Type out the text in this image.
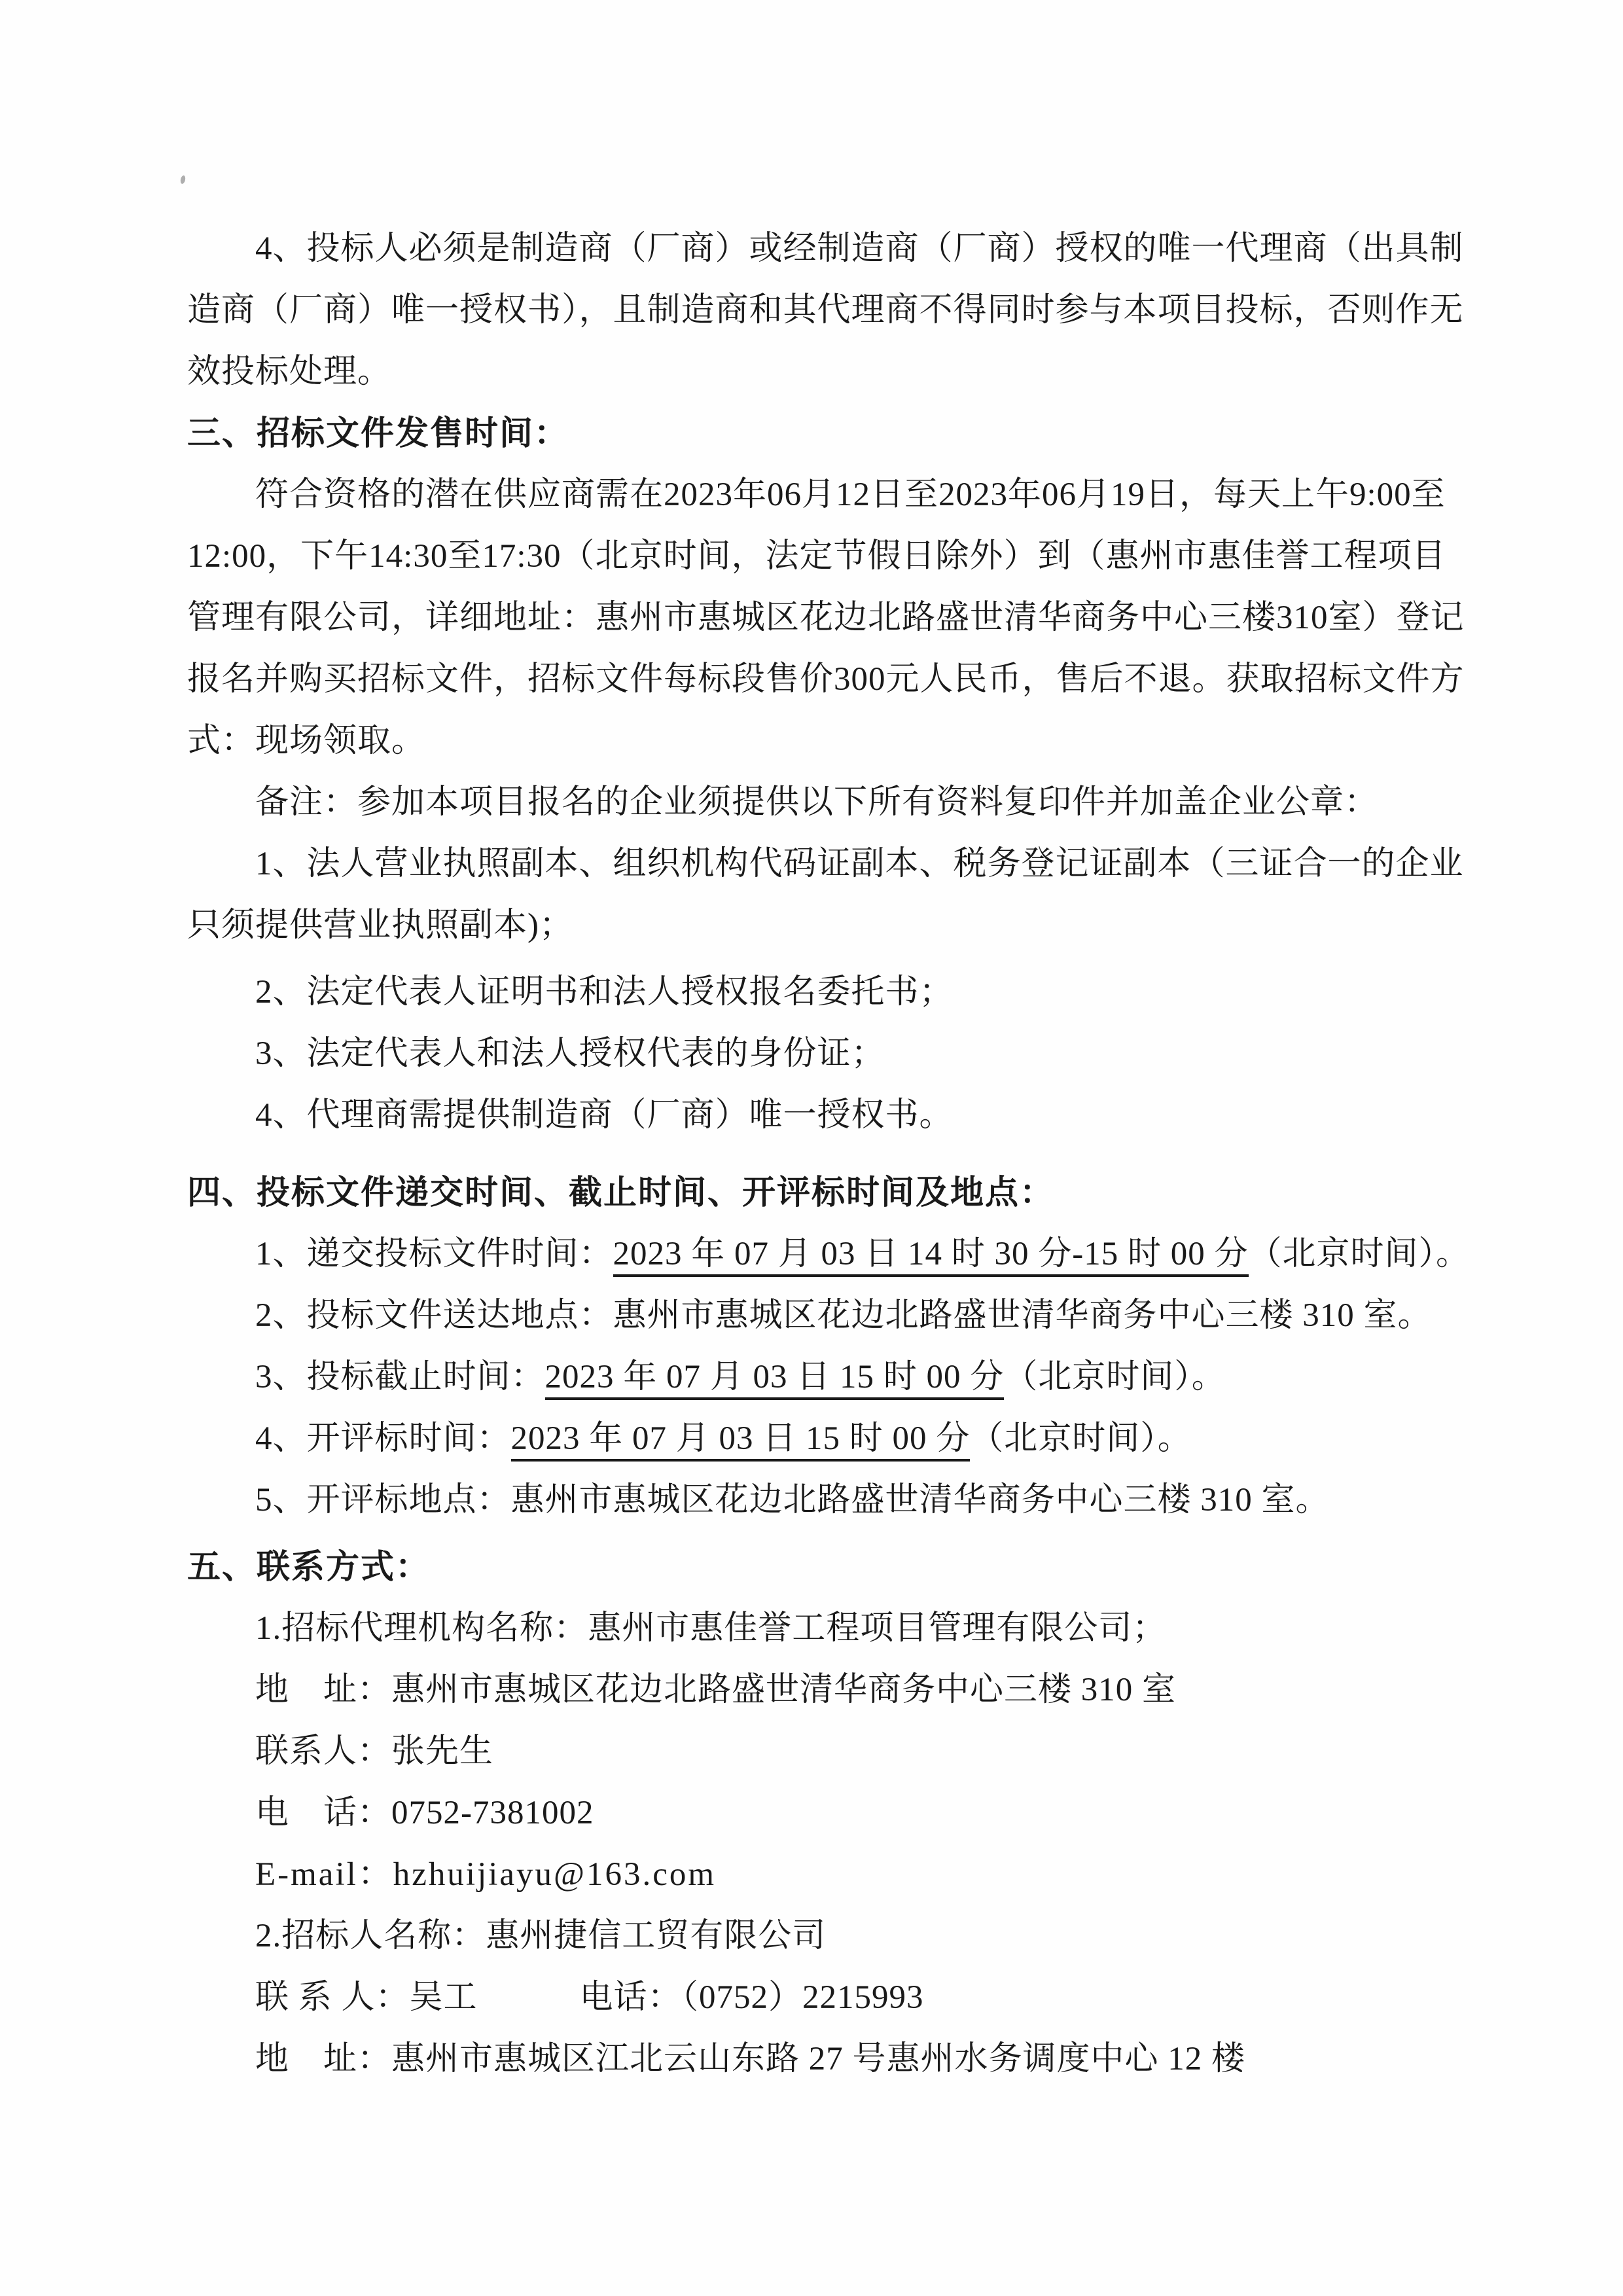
4、投标人必须是制造商（厂商）或经制造商（厂商）授权的唯一代理商（出具制
造商（厂商）唯一授权书），且制造商和其代理商不得同时参与本项目投标，否则作无
效投标处理。
三、招标文件发售时间：
符合资格的潜在供应商需在2023年06月12日至2023年06月19日，每天上午9:00至
12:00，下午14:30至17:30（北京时间，法定节假日除外）到（惠州市惠佳誉工程项目
管理有限公司，详细地址：惠州市惠城区花边北路盛世清华商务中心三楼310室）登记
报名并购买招标文件，招标文件每标段售价300元人民币，售后不退。获取招标文件方
式：现场领取。
备注：参加本项目报名的企业须提供以下所有资料复印件并加盖企业公章：
1、法人营业执照副本、组织机构代码证副本、税务登记证副本（三证合一的企业
只须提供营业执照副本)；
2、法定代表人证明书和法人授权报名委托书；
3、法定代表人和法人授权代表的身份证；
4、代理商需提供制造商（厂商）唯一授权书。
四、投标文件递交时间、截止时间、开评标时间及地点：
1、递交投标文件时间：2023 年 07 月 03 日 14 时 30 分-15 时 00 分（北京时间）。
2、投标文件送达地点：惠州市惠城区花边北路盛世清华商务中心三楼 310 室。
3、投标截止时间：2023 年 07 月 03 日 15 时 00 分（北京时间）。
4、开评标时间：2023 年 07 月 03 日 15 时 00 分（北京时间）。
5、开评标地点：惠州市惠城区花边北路盛世清华商务中心三楼 310 室。
五、联系方式：
1.招标代理机构名称：惠州市惠佳誉工程项目管理有限公司；
地　址：惠州市惠城区花边北路盛世清华商务中心三楼 310 室
联系人：张先生
电　话：0752-7381002
E-mail：hzhuijiayu@163.com
2.招标人名称：惠州捷信工贸有限公司
联 系 人：吴工　　　电话：（0752）2215993
地　址：惠州市惠城区江北云山东路 27 号惠州水务调度中心 12 楼
